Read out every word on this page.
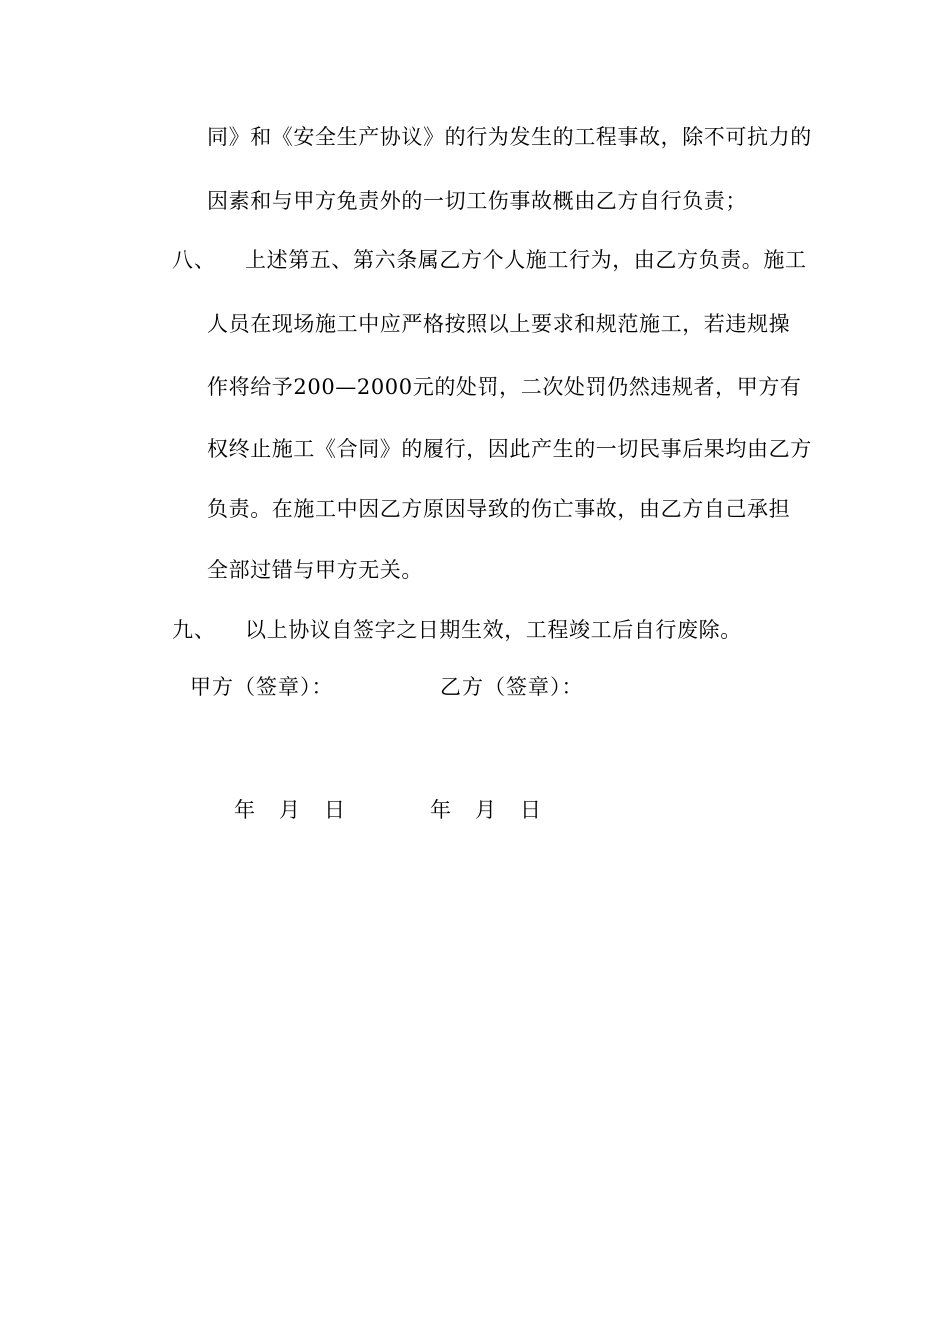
同》和《安全生产协议》的行为发生的工程事故，除不可抗力的
因素和与甲方免责外的一切工伤事故概由乙方自行负责；
八、 上述第五、第六条属乙方个人施工行为，由乙方负责。施工
人员在现场施工中应严格按照以上要求和规范施工，若违规操
作将给予200—2000元的处罚，二次处罚仍然违规者，甲方有
权终止施工《合同》的履行，因此产生的一切民事后果均由乙方
负责。在施工中因乙方原因导致的伤亡事故，由乙方自己承担
全部过错与甲方无关。
九、 以上协议自签字之日期生效，工程竣工后自行废除。
甲方（签章）：	乙方（签章）：
年   月   日	年   月   日
